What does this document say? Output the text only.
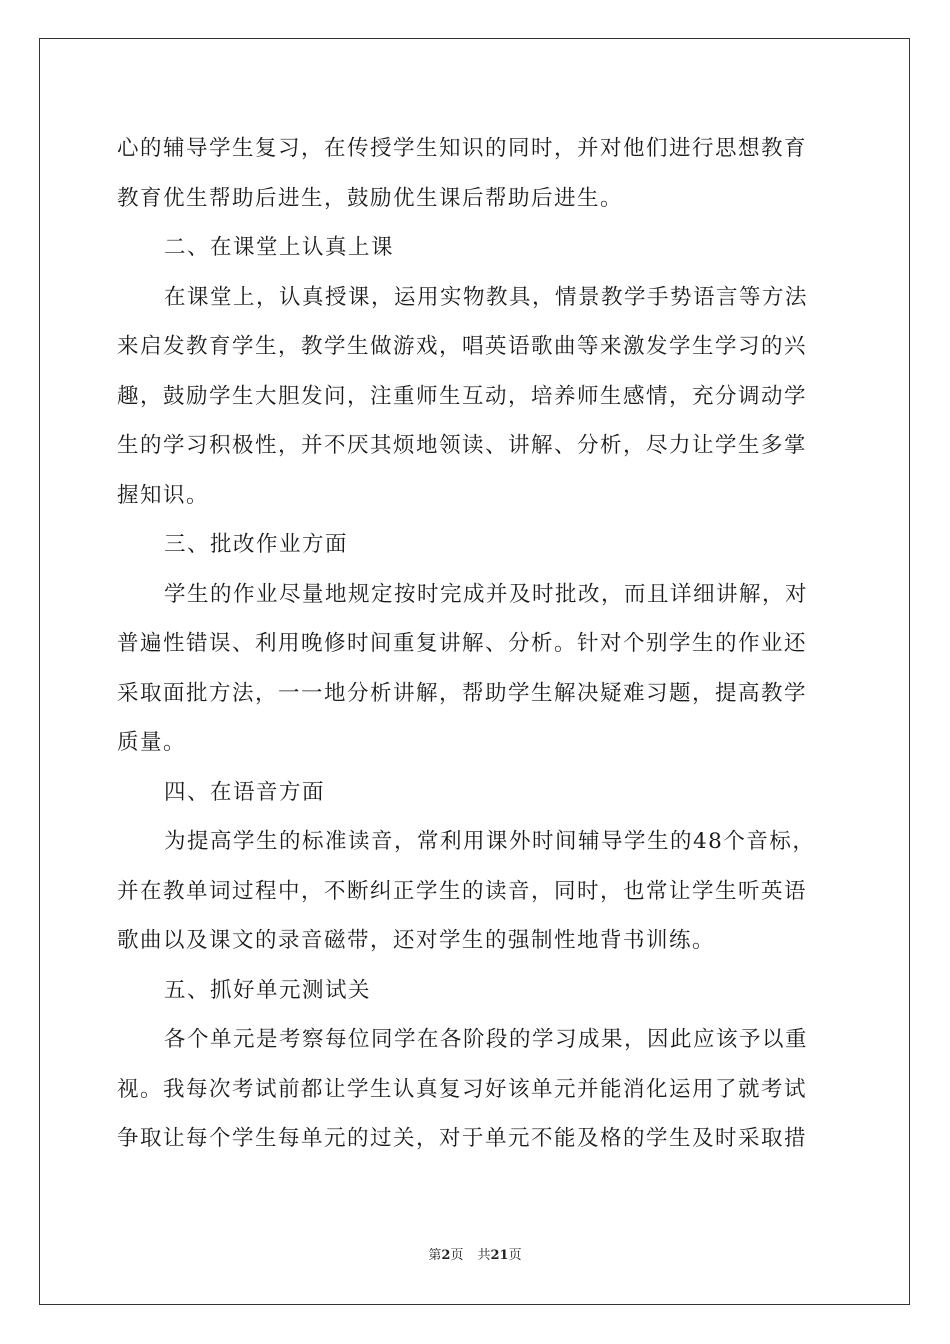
心的辅导学生复习，在传授学生知识的同时，并对他们进行思想教育
教育优生帮助后进生，鼓励优生课后帮助后进生。
二、在课堂上认真上课
在课堂上，认真授课，运用实物教具，情景教学手势语言等方法
来启发教育学生，教学生做游戏，唱英语歌曲等来激发学生学习的兴
趣，鼓励学生大胆发问，注重师生互动，培养师生感情，充分调动学
生的学习积极性，并不厌其烦地领读、讲解、分析，尽力让学生多掌
握知识。
三、批改作业方面
学生的作业尽量地规定按时完成并及时批改，而且详细讲解，对
普遍性错误、利用晚修时间重复讲解、分析。针对个别学生的作业还
采取面批方法，一一地分析讲解，帮助学生解决疑难习题，提高教学
质量。
四、在语音方面
为提高学生的标准读音，常利用课外时间辅导学生的48个音标，
并在教单词过程中，不断纠正学生的读音，同时，也常让学生听英语
歌曲以及课文的录音磁带，还对学生的强制性地背书训练。
五、抓好单元测试关
各个单元是考察每位同学在各阶段的学习成果，因此应该予以重
视。我每次考试前都让学生认真复习好该单元并能消化运用了就考试
争取让每个学生每单元的过关，对于单元不能及格的学生及时采取措
第2页 共21页
